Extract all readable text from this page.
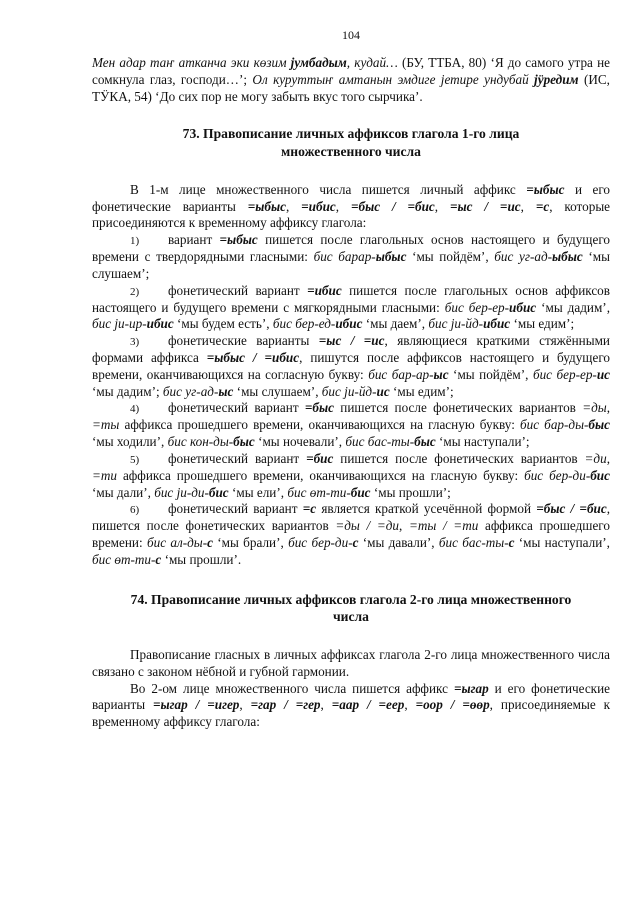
104

Мен адар таҥ атканча эки көзим јумбадым, кудай… (БУ, ТТБА, 80) ‘Я до самого утра не сомкнула глаз, господи…’; Ол куруттыҥ амтанын эмдиге јетире ундубай јӱредим (ИС, ТӰКА, 54) ‘До сих пор не могу забыть вкус того сырчика’.

73. Правописание личных аффиксов глагола 1-го лица
множественного числа

В 1-м лице множественного числа пишется личный аффикс =ыбыс и его фонетические варианты =ыбыс, =ибис, =быс / =бис, =ыс / =ис, =с, которые присоединяются к временному аффиксу глагола:

1) вариант =ыбыс пишется после глагольных основ настоящего и будущего времени с твердорядными гласными: бис барар-ыбыс ‘мы пойдём’, бис уг-ад-ыбыс ‘мы слушаем’;

2) фонетический вариант =ибис пишется после глагольных основ аффиксов настоящего и будущего времени с мягкорядными гласными: бис бер-ер-ибис ‘мы дадим’, бис ји-ир-ибис ‘мы будем есть’, бис бер-ед-ибис ‘мы даем’, бис ји-йд-ибис ‘мы едим’;

3) фонетические варианты =ыс / =ис, являющиеся краткими стяжёнными формами аффикса =ыбыс / =ибис, пишутся после аффиксов настоящего и будущего времени, оканчивающихся на согласную букву: бис бар-ар-ыс ‘мы пойдём’, бис бер-ер-ис ‘мы дадим’; бис уг-ад-ыс ‘мы слушаем’, бис ји-йд-ис ‘мы едим’;

4) фонетический вариант =быс пишется после фонетических вариантов =ды, =ты аффикса прошедшего времени, оканчивающихся на гласную букву: бис бар-ды-быс ‘мы ходили’, бис кон-ды-быс ‘мы ночевали’, бис бас-ты-быс ‘мы наступали’;

5) фонетический вариант =бис пишется после фонетических вариантов =ди, =ти аффикса прошедшего времени, оканчивающихся на гласную букву: бис бер-ди-бис ‘мы дали’, бис ји-ди-бис ‘мы ели’, бис өт-ти-бис ‘мы прошли’;

6) фонетический вариант =с является краткой усечённой формой =быс / =бис, пишется после фонетических вариантов =ды / =ди, =ты / =ти аффикса прошедшего времени: бис ал-ды-с ‘мы брали’, бис бер-ди-с ‘мы давали’, бис бас-ты-с ‘мы наступали’, бис өт-ти-с ‘мы прошли’.

74. Правописание личных аффиксов глагола 2-го лица множественного
числа

Правописание гласных в личных аффиксах глагола 2-го лица множественного числа связано с законом нёбной и губной гармонии.

Во 2-ом лице множественного числа пишется аффикс =ыгар и его фонетические варианты =ыгар / =игер, =гар / =гер, =аар / =еер, =оор / =өөр, присоединяемые к временному аффиксу глагола:
